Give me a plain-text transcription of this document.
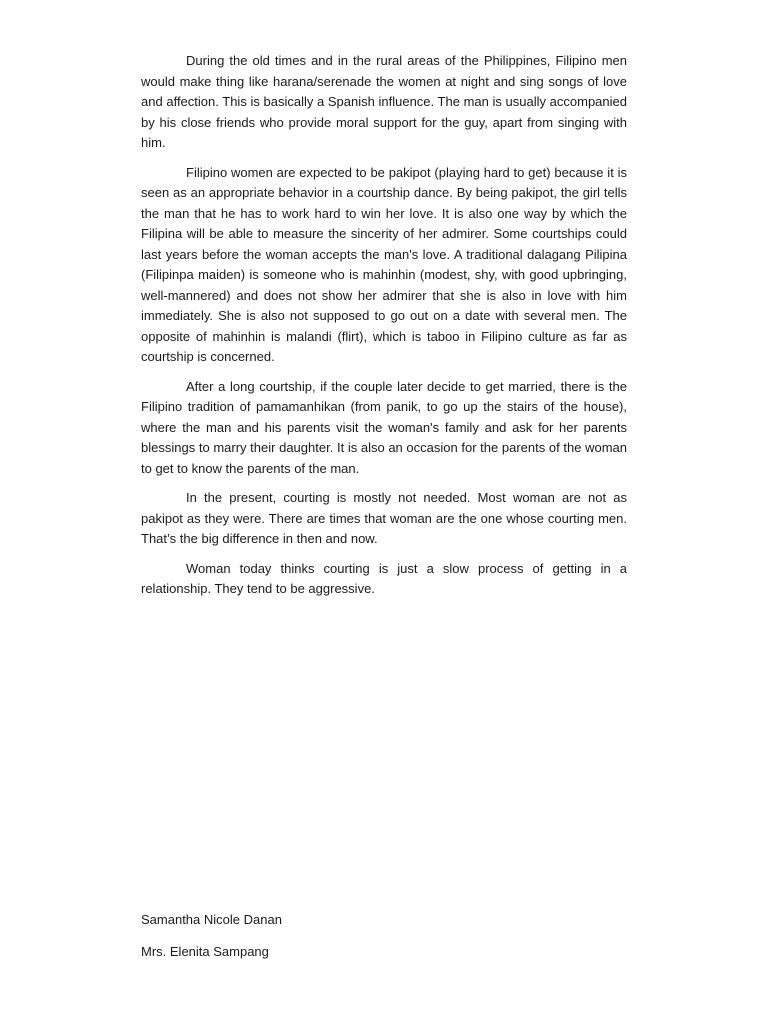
During the old times and in the rural areas of the Philippines, Filipino men would make thing like harana/serenade the women at night and sing songs of love and affection. This is basically a Spanish influence. The man is usually accompanied by his close friends who provide moral support for the guy, apart from singing with him.

Filipino women are expected to be pakipot (playing hard to get) because it is seen as an appropriate behavior in a courtship dance. By being pakipot, the girl tells the man that he has to work hard to win her love. It is also one way by which the Filipina will be able to measure the sincerity of her admirer. Some courtships could last years before the woman accepts the man's love. A traditional dalagang Pilipina (Filipinpa maiden) is someone who is mahinhin (modest, shy, with good upbringing, well-mannered) and does not show her admirer that she is also in love with him immediately. She is also not supposed to go out on a date with several men. The opposite of mahinhin is malandi (flirt), which is taboo in Filipino culture as far as courtship is concerned.

After a long courtship, if the couple later decide to get married, there is the Filipino tradition of pamamanhikan (from panik, to go up the stairs of the house), where the man and his parents visit the woman's family and ask for her parents blessings to marry their daughter. It is also an occasion for the parents of the woman to get to know the parents of the man.

In the present, courting is mostly not needed. Most woman are not as pakipot as they were. There are times that woman are the one whose courting men. That’s the big difference in then and now.

Woman today thinks courting is just a slow process of getting in a relationship. They tend to be aggressive.

Samantha Nicole Danan

Mrs. Elenita Sampang
